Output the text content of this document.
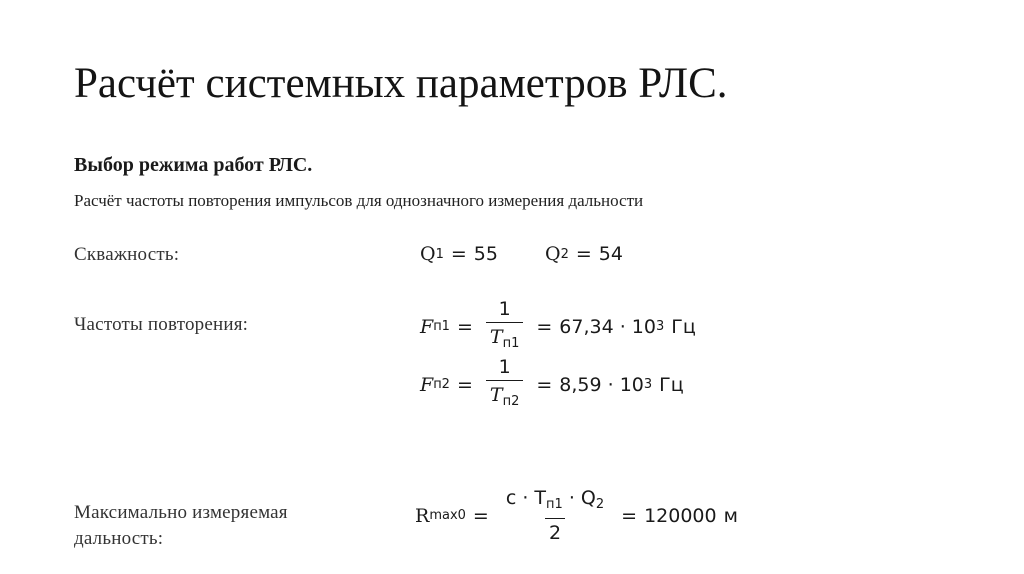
Расчёт системных параметров РЛС.
Выбор режима работ РЛС.
Расчёт частоты повторения импульсов для однозначного измерения дальности
Скважность:	Q 1 = 55 Q 2 = 54
Частоты повторения:	F $п1 = \frac{1}{T_{п1}} = 67,34 \cdot 10$ 3 Гц
F $п2 = \frac{1}{T_{п2}} = 8,59 \cdot 10$ 3 Гц
Максимально измеряемая
дальность:
R $\max 0 = \frac{c \cdot T_{п1} \cdot Q_2}{2} = 120000$ м
